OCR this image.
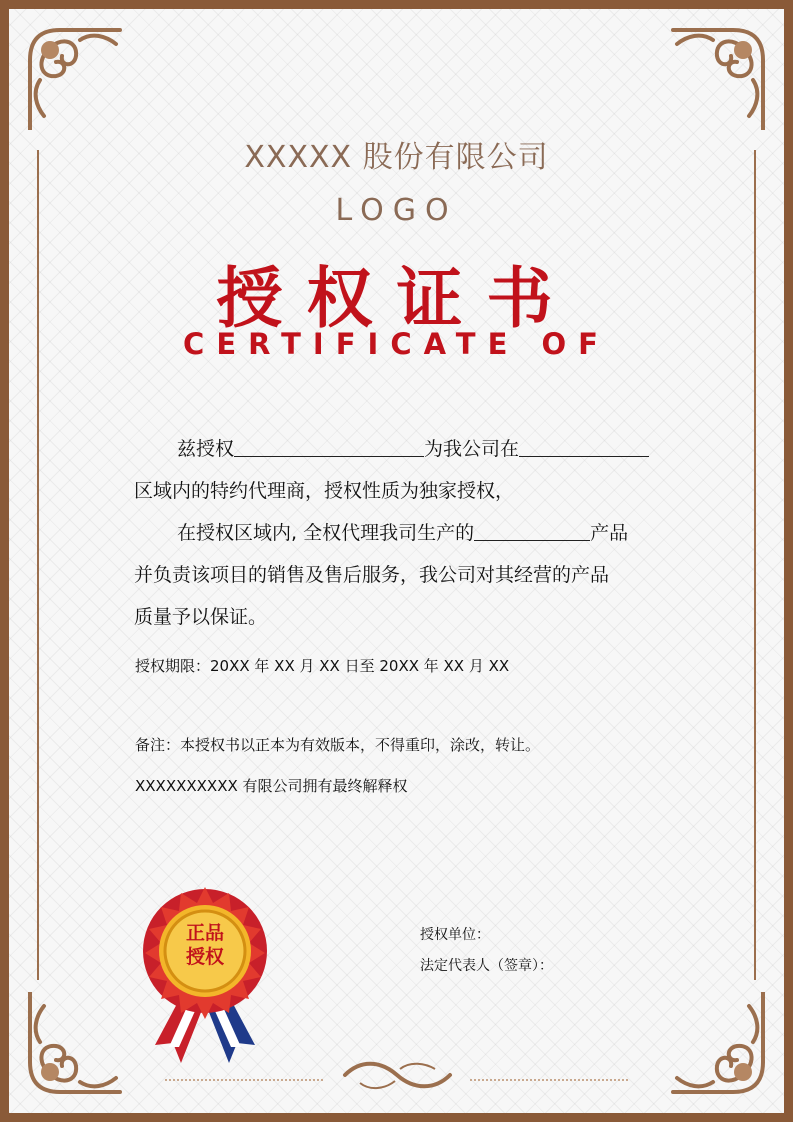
XXXXX 股份有限公司
LOGO
授权证书
CERTIFICATE OF
兹授权	为我公司在
区域内的特约代理商，授权性质为独家授权，
在授权区域内, 全权代理我司生产的	产品
并负责该项目的销售及售后服务，我公司对其经营的产品
质量予以保证。
授权期限：20XX 年 XX 月 XX 日至 20XX 年 XX 月 XX
备注：本授权书以正本为有效版本，不得重印，涂改，转让。
XXXXXXXXXX 有限公司拥有最终解释权
授权单位：
法定代表人（签章）：
正品
授权
